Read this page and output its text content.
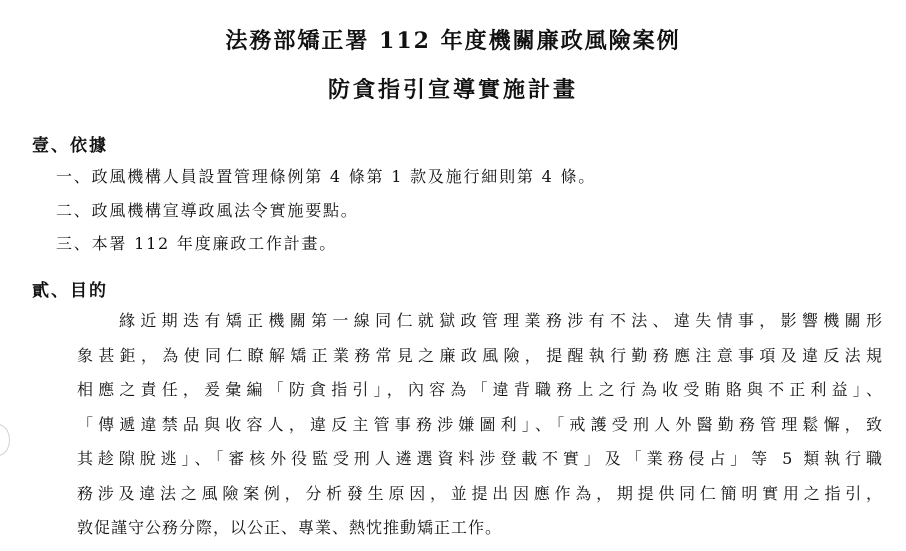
法務部矯正署 112 年度機關廉政風險案例
防貪指引宣導實施計畫
壹、依據
一、政風機構人員設置管理條例第 4 條第 1 款及施行細則第 4 條。
二、政風機構宣導政風法令實施要點。
三、本署 112 年度廉政工作計畫。
貳、目的
緣近期迭有矯正機關第一線同仁就獄政管理業務涉有不法、違失情事，影響機關形
象甚鉅，為使同仁瞭解矯正業務常見之廉政風險，提醒執行勤務應注意事項及違反法規
相應之責任，爰彙編「防貪指引」，內容為「違背職務上之行為收受賄賂與不正利益」、
「傳遞違禁品與收容人，違反主管事務涉嫌圖利」、「戒護受刑人外醫勤務管理鬆懈，致
其趁隙脫逃」、「審核外役監受刑人遴選資料涉登載不實」及「業務侵占」等 5 類執行職
務涉及違法之風險案例，分析發生原因，並提出因應作為，期提供同仁簡明實用之指引，
敦促謹守公務分際，以公正、專業、熱忱推動矯正工作。
